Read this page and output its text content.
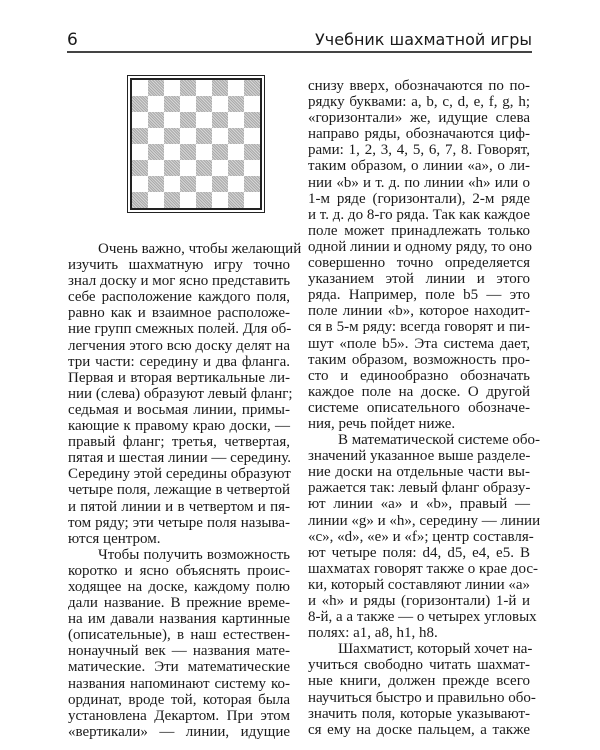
6	Учебник шахматной игры
Очень важно, чтобы желающий
изучить шахматную игру точно
знал доску и мог ясно представить
себе расположение каждого поля,
равно как и взаимное расположе-
ние групп смежных полей. Для об-
легчения этого всю доску делят на
три части: середину и два фланга.
Первая и вторая вертикальные ли-
нии (слева) образуют левый фланг;
седьмая и восьмая линии, примы-
кающие к правому краю доски, —
правый фланг; третья, четвертая,
пятая и шестая линии — середину.
Середину этой середины образуют
четыре поля, лежащие в четвертой
и пятой линии и в четвертом и пя-
том ряду; эти четыре поля называ-
ются центром.
Чтобы получить возможность
коротко и ясно объяснять проис-
ходящее на доске, каждому полю
дали название. В прежние време-
на им давали названия картинные
(описательные), в наш естествен-
нонаучный век — названия мате-
матические. Эти математические
названия напоминают систему ко-
ординат, вроде той, которая была
установлена Декартом. При этом
«вертикали» — линии, идущие
снизу вверх, обозначаются по по-
рядку буквами: a, b, c, d, e, f, g, h;
«горизонтали» же, идущие слева
направо ряды, обозначаются циф-
рами: 1, 2, 3, 4, 5, 6, 7, 8. Говорят,
таким образом, о линии «а», о ли-
нии «b» и т. д. по линии «h» или о
1-м ряде (горизонтали), 2-м ряде
и т. д. до 8-го ряда. Так как каждое
поле может принадлежать только
одной линии и одному ряду, то оно
совершенно точно определяется
указанием этой линии и этого
ряда. Например, поле b5 — это
поле линии «b», которое находит-
ся в 5-м ряду: всегда говорят и пи-
шут «поле b5». Эта система дает,
таким образом, возможность про-
сто и единообразно обозначать
каждое поле на доске. О другой
системе описательного обозначе-
ния, речь пойдет ниже.
В математической системе обо-
значений указанное выше разделе-
ние доски на отдельные части вы-
ражается так: левый фланг образу-
ют линии «a» и «b», правый —
линии «g» и «h», середину — линии
«c», «d», «e» и «f»; центр составля-
ют четыре поля: d4, d5, e4, e5. В
шахматах говорят также о крае дос-
ки, который составляют линии «a»
и «h» и ряды (горизонтали) 1-й и
8-й, а а также — о четырех угловых
полях: a1, a8, h1, h8.
Шахматист, который хочет на-
учиться свободно читать шахмат-
ные книги, должен прежде всего
научиться быстро и правильно обо-
значить поля, которые указывают-
ся ему на доске пальцем, а также
